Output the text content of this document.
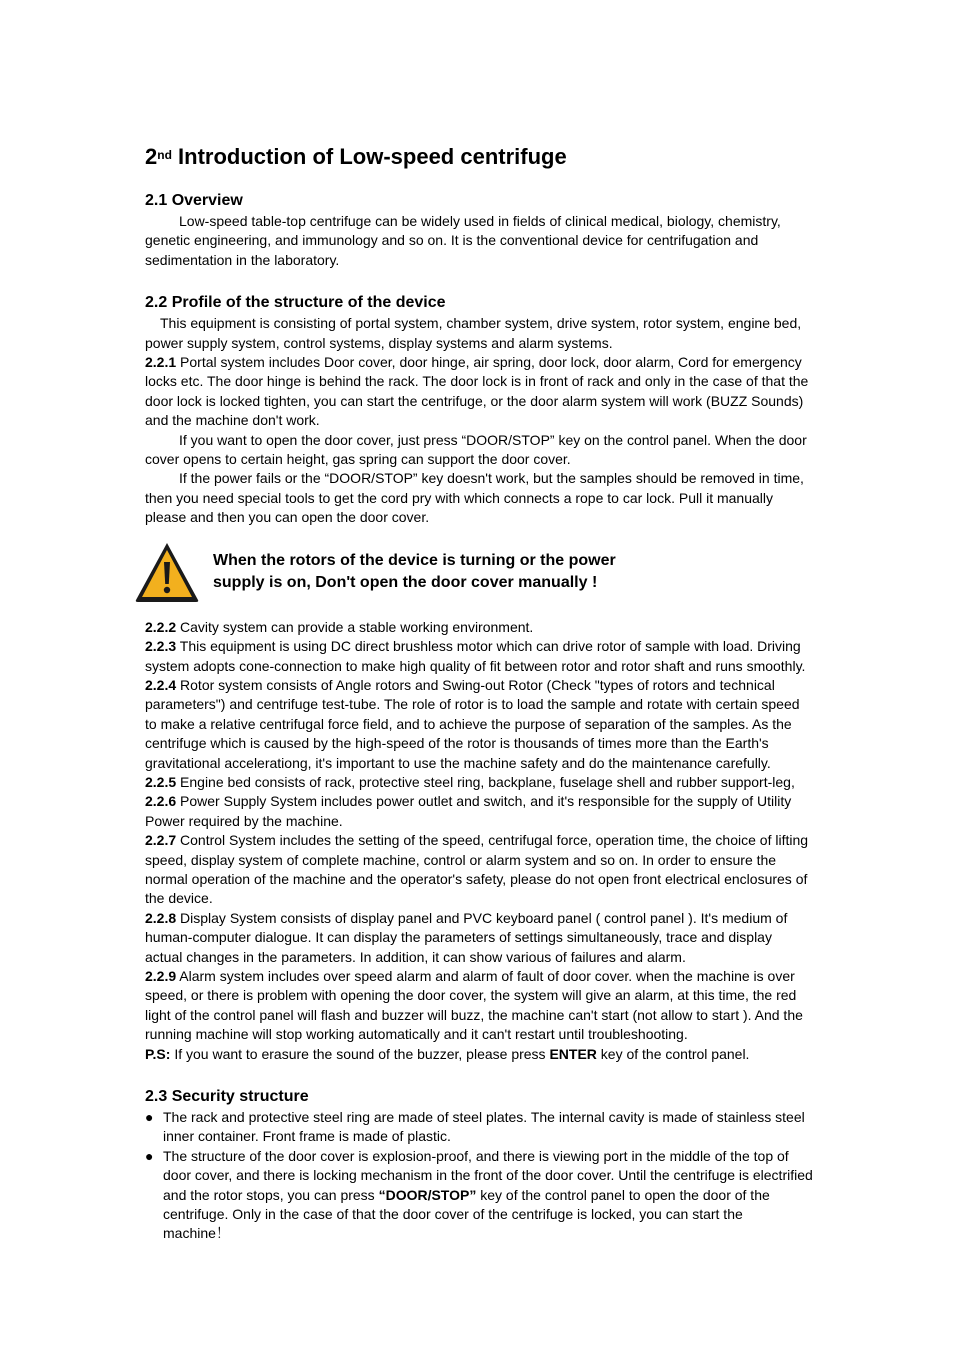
2nd Introduction of Low-speed centrifuge
2.1 Overview

Low-speed table-top centrifuge can be widely used in fields of clinical medical, biology, chemistry, genetic engineering, and immunology and so on. It is the conventional device for centrifugation and sedimentation in the laboratory.

2.2 Profile of the structure of the device

This equipment is consisting of portal system, chamber system, drive system, rotor system, engine bed, power supply system, control systems, display systems and alarm systems.

2.2.1 Portal system includes Door cover, door hinge, air spring, door lock, door alarm, Cord for emergency locks etc. The door hinge is behind the rack. The door lock is in front of rack and only in the case of that the door lock is locked tighten, you can start the centrifuge, or the door alarm system will work (BUZZ Sounds) and the machine don't work.

If you want to open the door cover, just press “DOOR/STOP” key on the control panel. When the door cover opens to certain height, gas spring can support the door cover.

If the power fails or the “DOOR/STOP” key doesn't work, but the samples should be removed in time, then you need special tools to get the cord pry with which connects a rope to car lock. Pull it manually please and then you can open the door cover.

When the rotors of the device is turning or the power
supply is on, Don't open the door cover manually !

2.2.2 Cavity system can provide a stable working environment.

2.2.3 This equipment is using DC direct brushless motor which can drive rotor of sample with load. Driving system adopts cone-connection to make high quality of fit between rotor and rotor shaft and runs smoothly.

2.2.4 Rotor system consists of Angle rotors and Swing-out Rotor (Check "types of rotors and technical parameters") and centrifuge test-tube. The role of rotor is to load the sample and rotate with certain speed to make a relative centrifugal force field, and to achieve the purpose of separation of the samples. As the centrifuge which is caused by the high-speed of the rotor is thousands of times more than the Earth's gravitational accelerationg, it's important to use the machine safety and do the maintenance carefully.

2.2.5 Engine bed consists of rack, protective steel ring, backplane, fuselage shell and rubber support-leg,

2.2.6 Power Supply System includes power outlet and switch, and it's responsible for the supply of Utility Power required by the machine.

2.2.7 Control System includes the setting of the speed, centrifugal force, operation time, the choice of lifting speed, display system of complete machine, control or alarm system and so on. In order to ensure the normal operation of the machine and the operator's safety, please do not open front electrical enclosures of the device.

2.2.8 Display System consists of display panel and PVC keyboard panel ( control panel ). It's medium of human-computer dialogue. It can display the parameters of settings simultaneously, trace and display actual changes in the parameters. In addition, it can show various of failures and alarm.

2.2.9 Alarm system includes over speed alarm and alarm of fault of door cover. when the machine is over speed, or there is problem with opening the door cover, the system will give an alarm, at this time, the red light of the control panel will flash and buzzer will buzz, the machine can't start (not allow to start ). And the running machine will stop working automatically and it can't restart until troubleshooting.

P.S: If you want to erasure the sound of the buzzer, please press ENTER key of the control panel.

2.3 Security structure

● The rack and protective steel ring are made of steel plates. The internal cavity is made of stainless steel inner container. Front frame is made of plastic.

● The structure of the door cover is explosion-proof, and there is viewing port in the middle of the top of door cover, and there is locking mechanism in the front of the door cover. Until the centrifuge is electrified and the rotor stops, you can press “DOOR/STOP” key of the control panel to open the door of the centrifuge. Only in the case of that the door cover of the centrifuge is locked, you can start the machine！
